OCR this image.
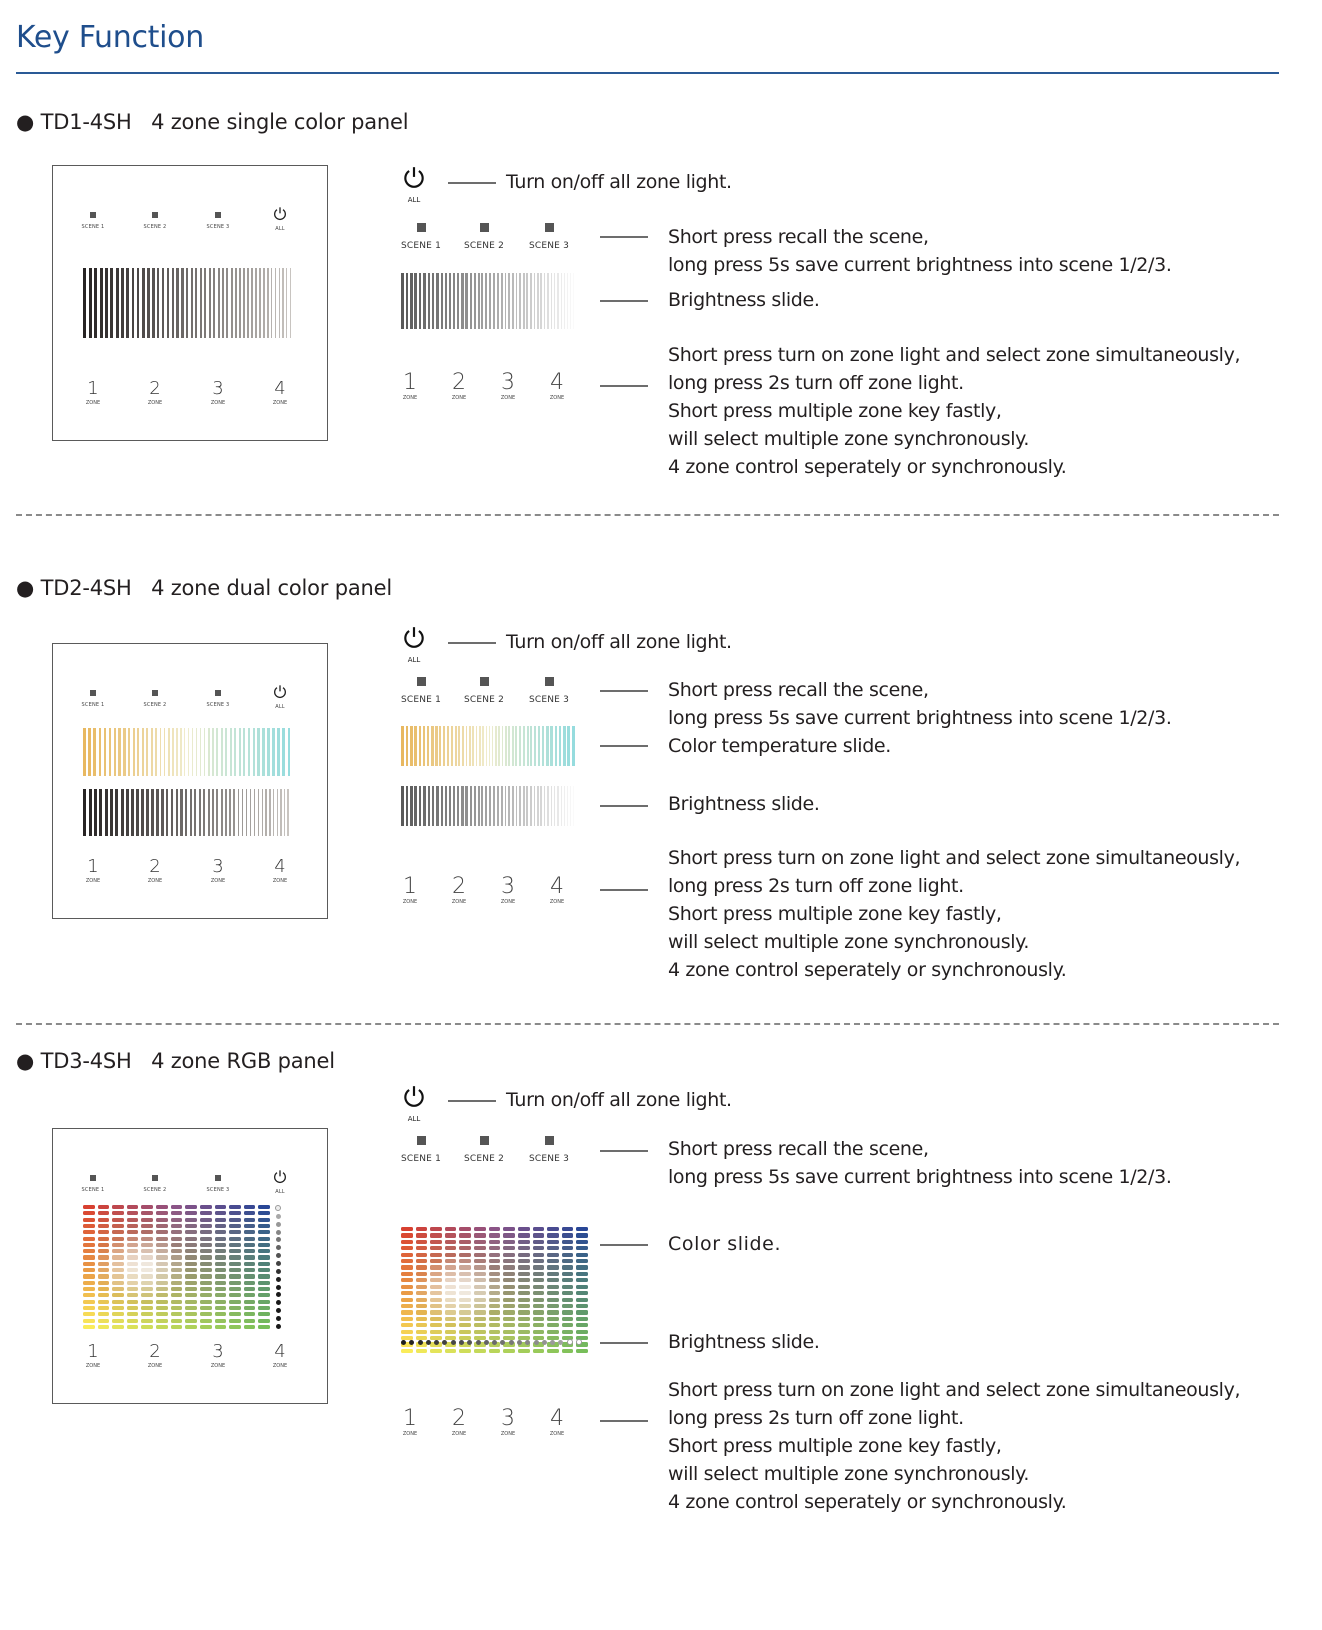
Key Function
● TD1-4SH 4 zone single color panel
SCENE 1	SCENE 2	SCENE 3	ALL
1
ZONE
2
ZONE
3
ZONE
4
ZONE
ALL
Turn on/off all zone light.
SCENE 1	SCENE 2	SCENE 3	Short press recall the scene,
long press 5s save current brightness into scene 1/2/3.
Brightness slide.
1
ZONE
2
ZONE
3
ZONE
4
ZONE
Short press turn on zone light and select zone simultaneously,
long press 2s turn off zone light.
Short press multiple zone key fastly,
will select multiple zone synchronously.
4 zone control seperately or synchronously.
● TD2-4SH 4 zone dual color panel
SCENE 1	SCENE 2	SCENE 3	ALL
1
ZONE
2
ZONE
3
ZONE
4
ZONE
ALL
Turn on/off all zone light.
SCENE 1	SCENE 2	SCENE 3	Short press recall the scene,
long press 5s save current brightness into scene 1/2/3.
Color temperature slide.
Brightness slide.
1
ZONE
2
ZONE
3
ZONE
4
ZONE
Short press turn on zone light and select zone simultaneously,
long press 2s turn off zone light.
Short press multiple zone key fastly,
will select multiple zone synchronously.
4 zone control seperately or synchronously.
● TD3-4SH 4 zone RGB panel
SCENE 1	SCENE 2	SCENE 3	ALL
1
ZONE
2
ZONE
3
ZONE
4
ZONE
ALL
Turn on/off all zone light.
SCENE 1	SCENE 2	SCENE 3	Short press recall the scene,
long press 5s save current brightness into scene 1/2/3.
Color slide.
Brightness slide.
1
ZONE
2
ZONE
3
ZONE
4
ZONE
Short press turn on zone light and select zone simultaneously,
long press 2s turn off zone light.
Short press multiple zone key fastly,
will select multiple zone synchronously.
4 zone control seperately or synchronously.
